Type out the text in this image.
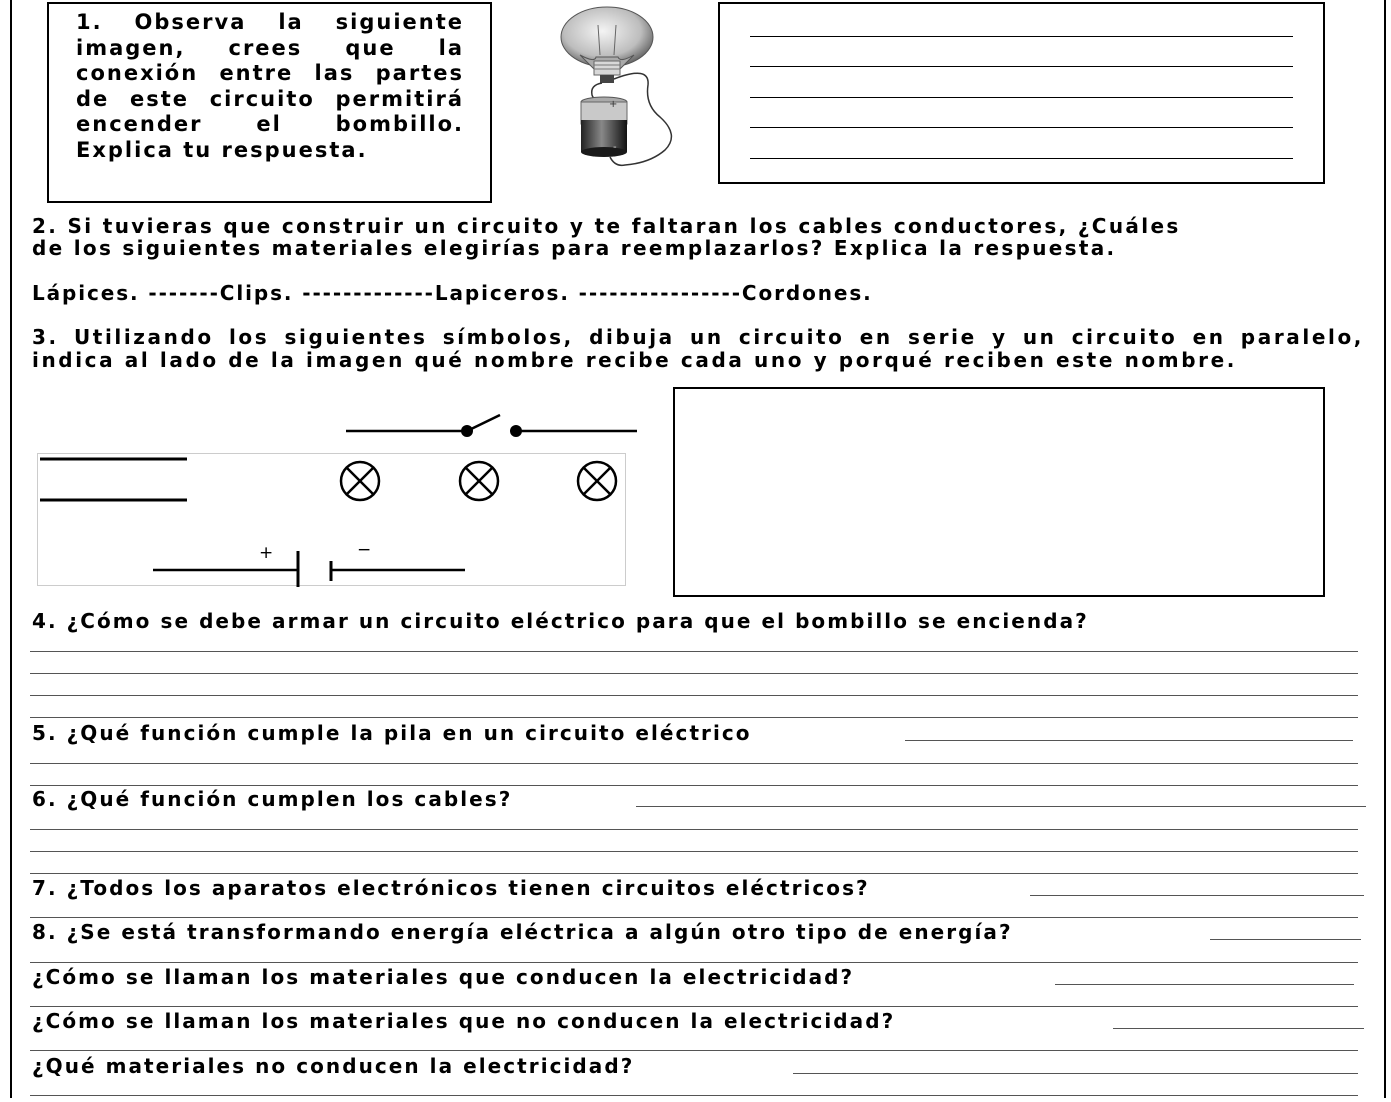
1. Observa la siguiente imagen, crees que la conexión entre las partes de este circuito permitirá encender el bombillo. Explica tu respuesta.
+
-
2. Si tuvieras que construir un circuito y te faltaran los cables conductores, ¿Cuáles
de los siguientes materiales elegirías para reemplazarlos? Explica la respuesta.
Lápices. -------Clips. -------------Lapiceros. ----------------Cordones.
3. Utilizando los siguientes símbolos, dibuja un circuito en serie y un circuito en paralelo, indica al lado de la imagen qué nombre recibe cada uno y porqué reciben este nombre.
+	−
4. ¿Cómo se debe armar un circuito eléctrico para que el bombillo se encienda?
5. ¿Qué función cumple la pila en un circuito eléctrico
6. ¿Qué función cumplen los cables?
7. ¿Todos los aparatos electrónicos tienen circuitos eléctricos?
8. ¿Se está transformando energía eléctrica a algún otro tipo de energía?
¿Cómo se llaman los materiales que conducen la electricidad?
¿Cómo se llaman los materiales que no conducen la electricidad?
¿Qué materiales no conducen la electricidad?
